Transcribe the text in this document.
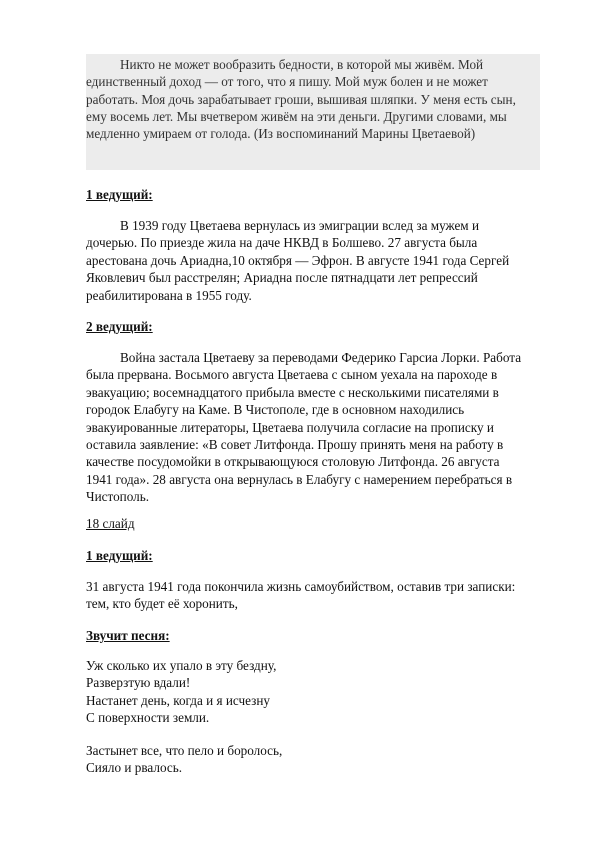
Никто не может вообразить бедности, в которой мы живём. Мой
единственный доход — от того, что я пишу. Мой муж болен и не может
работать. Моя дочь зарабатывает гроши, вышивая шляпки. У меня есть сын,
ему восемь лет. Мы вчетвером живём на эти деньги. Другими словами, мы
медленно умираем от голода. (Из воспоминаний Марины Цветаевой)

1 ведущий:

В 1939 году Цветаева вернулась из эмиграции вслед за мужем и
дочерью. По приезде жила на даче НКВД в Болшево. 27 августа была
арестована дочь Ариадна,10 октября — Эфрон. В августе 1941 года Сергей
Яковлевич был расстрелян; Ариадна после пятнадцати лет репрессий
реабилитирована в 1955 году.

2 ведущий:

Война застала Цветаеву за переводами Федерико Гарсиа Лорки. Работа
была прервана. Восьмого августа Цветаева с сыном уехала на пароходе в
эвакуацию; восемнадцатого прибыла вместе с несколькими писателями в
городок Елабугу на Каме. В Чистополе, где в основном находились
эвакуированные литераторы, Цветаева получила согласие на прописку и
оставила заявление: «В совет Литфонда. Прошу принять меня на работу в
качестве посудомойки в открывающуюся столовую Литфонда. 26 августа
1941 года». 28 августа она вернулась в Елабугу с намерением перебраться в
Чистополь.

18 слайд
1 ведущий:

31 августа 1941 года покончила жизнь самоубийством, оставив три записки:
тем, кто будет её хоронить,

Звучит песня:
Уж сколько их упало в эту бездну,
Разверзтую вдали!
Настанет день, когда и я исчезну
С поверхности земли.
Застынет все, что пело и боролось,
Сияло и рвалось.
